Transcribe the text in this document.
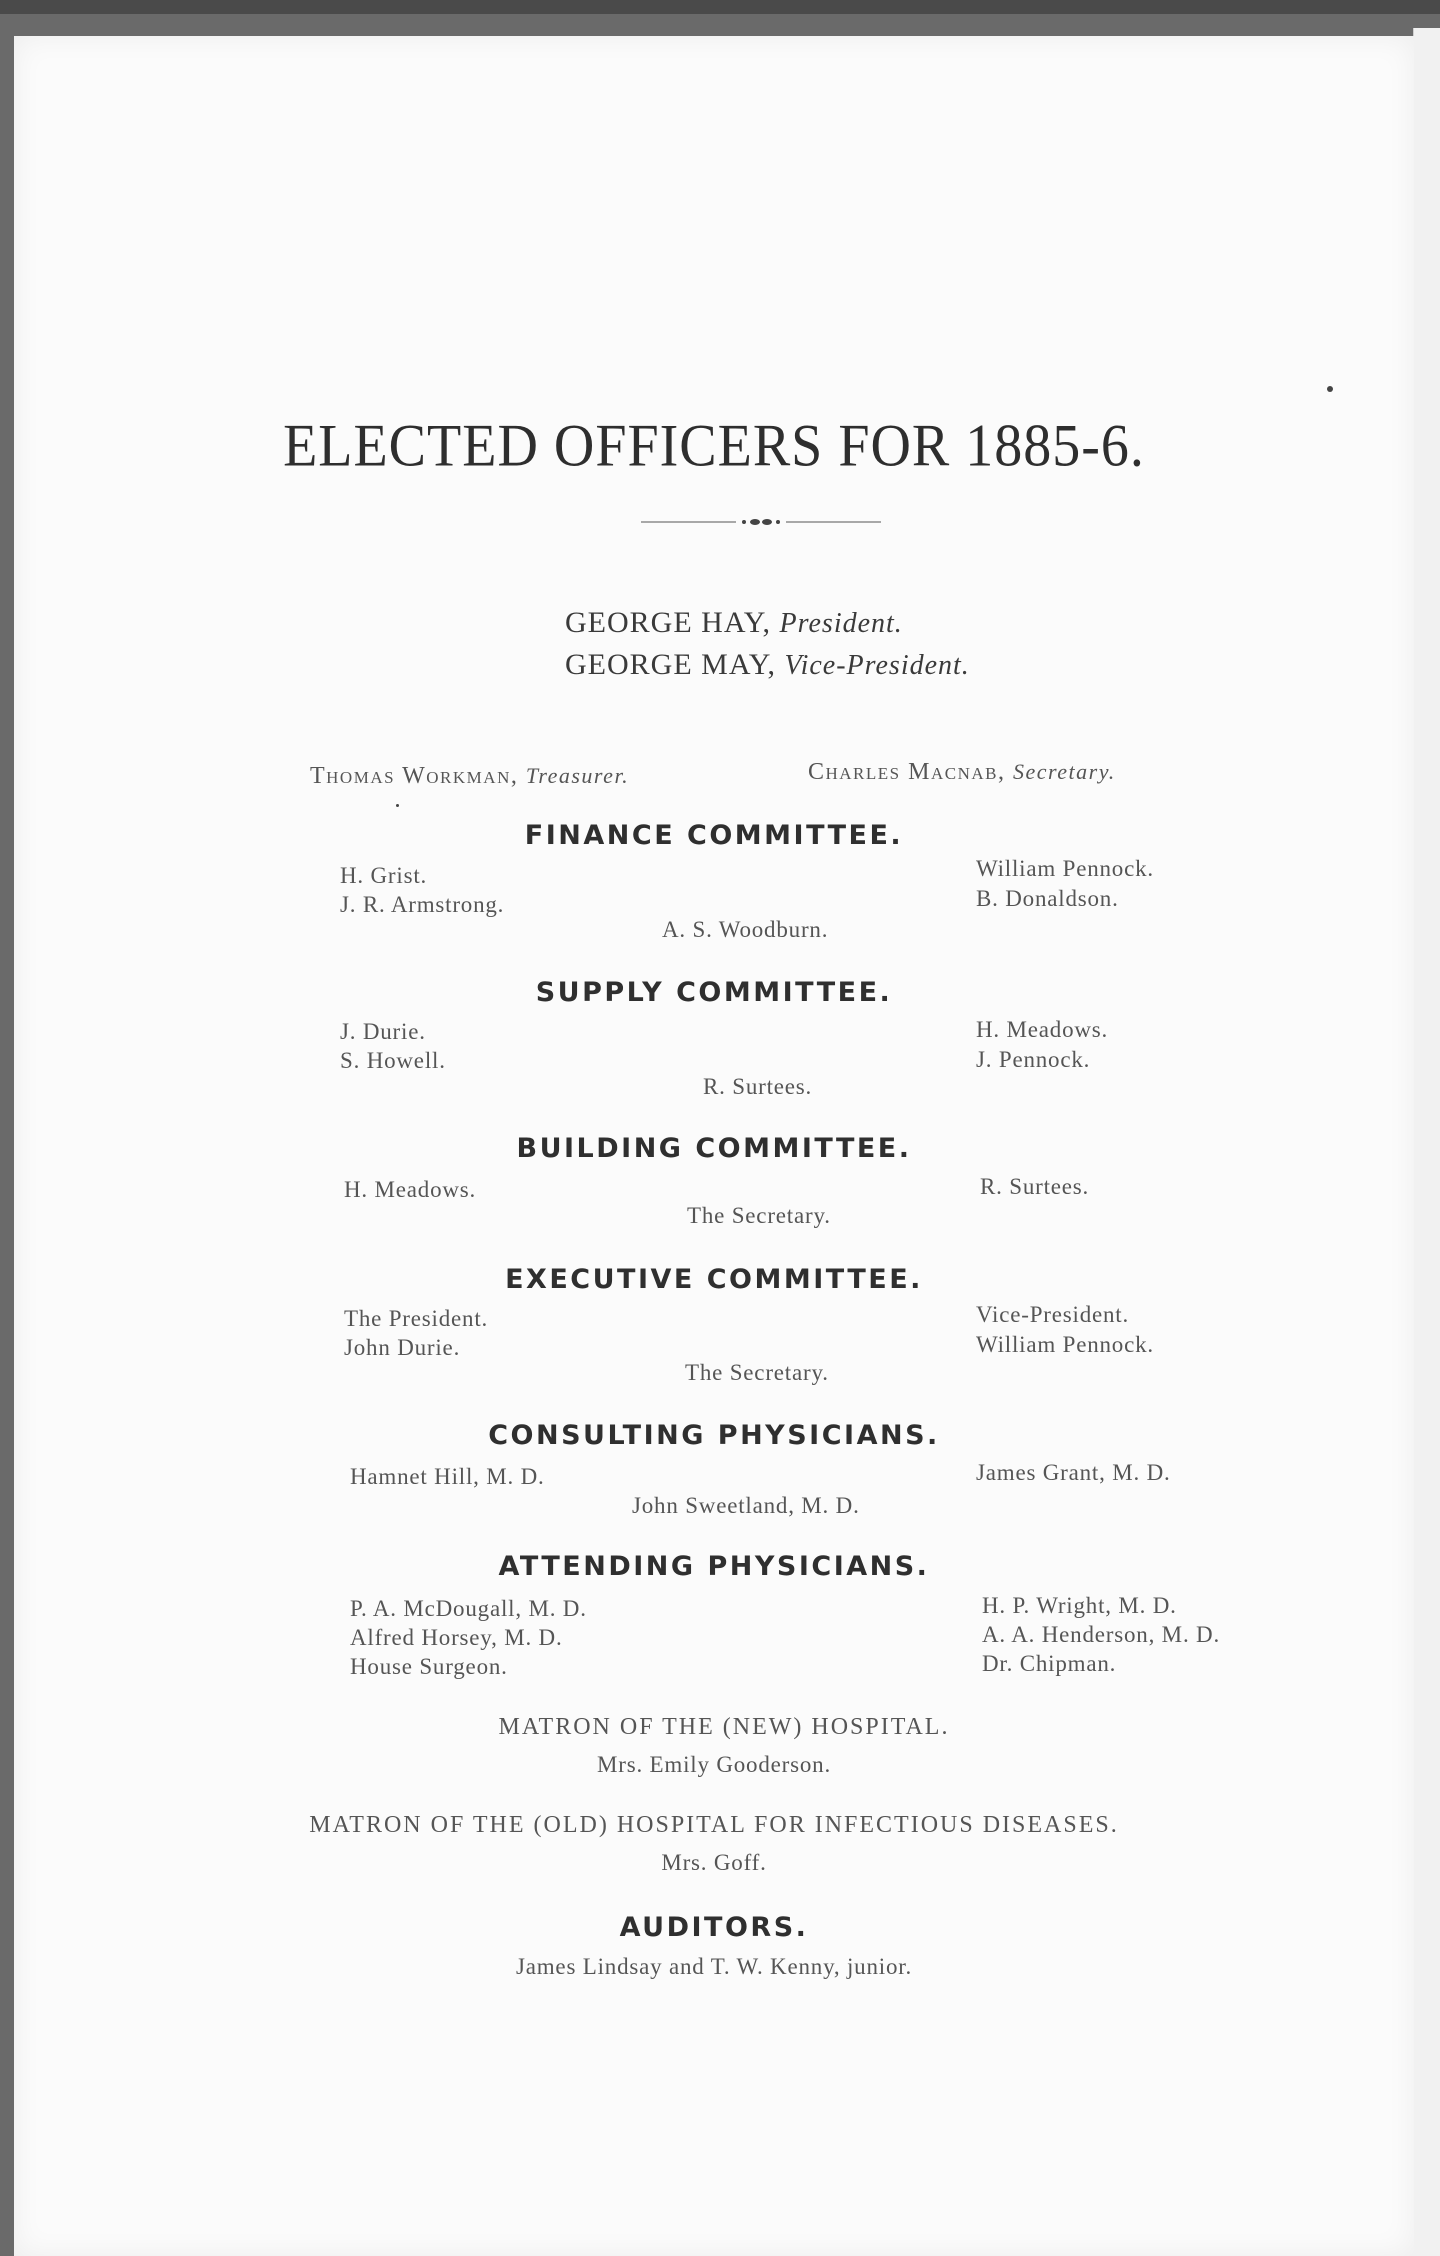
ELECTED OFFICERS FOR 1885-6.
GEORGE HAY, President.
GEORGE MAY, Vice-President.
Thomas Workman, Treasurer.	Charles Macnab, Secretary.
FINANCE COMMITTEE.
H. Grist.
J. R. Armstrong.
William Pennock.
B. Donaldson.
A. S. Woodburn.
SUPPLY COMMITTEE.
J. Durie.
S. Howell.
H. Meadows.
J. Pennock.
R. Surtees.
BUILDING COMMITTEE.
H. Meadows.	R. Surtees.
The Secretary.
EXECUTIVE COMMITTEE.
The President.
John Durie.
Vice-President.
William Pennock.
The Secretary.
CONSULTING PHYSICIANS.
Hamnet Hill, M. D.	James Grant, M. D.
John Sweetland, M. D.
ATTENDING PHYSICIANS.
P. A. McDougall, M. D.
Alfred Horsey, M. D.
House Surgeon.
H. P. Wright, M. D.
A. A. Henderson, M. D.
Dr. Chipman.
MATRON OF THE (NEW) HOSPITAL.
Mrs. Emily Gooderson.
MATRON OF THE (OLD) HOSPITAL FOR INFECTIOUS DISEASES.
Mrs. Goff.
AUDITORS.
James Lindsay and T. W. Kenny, junior.
